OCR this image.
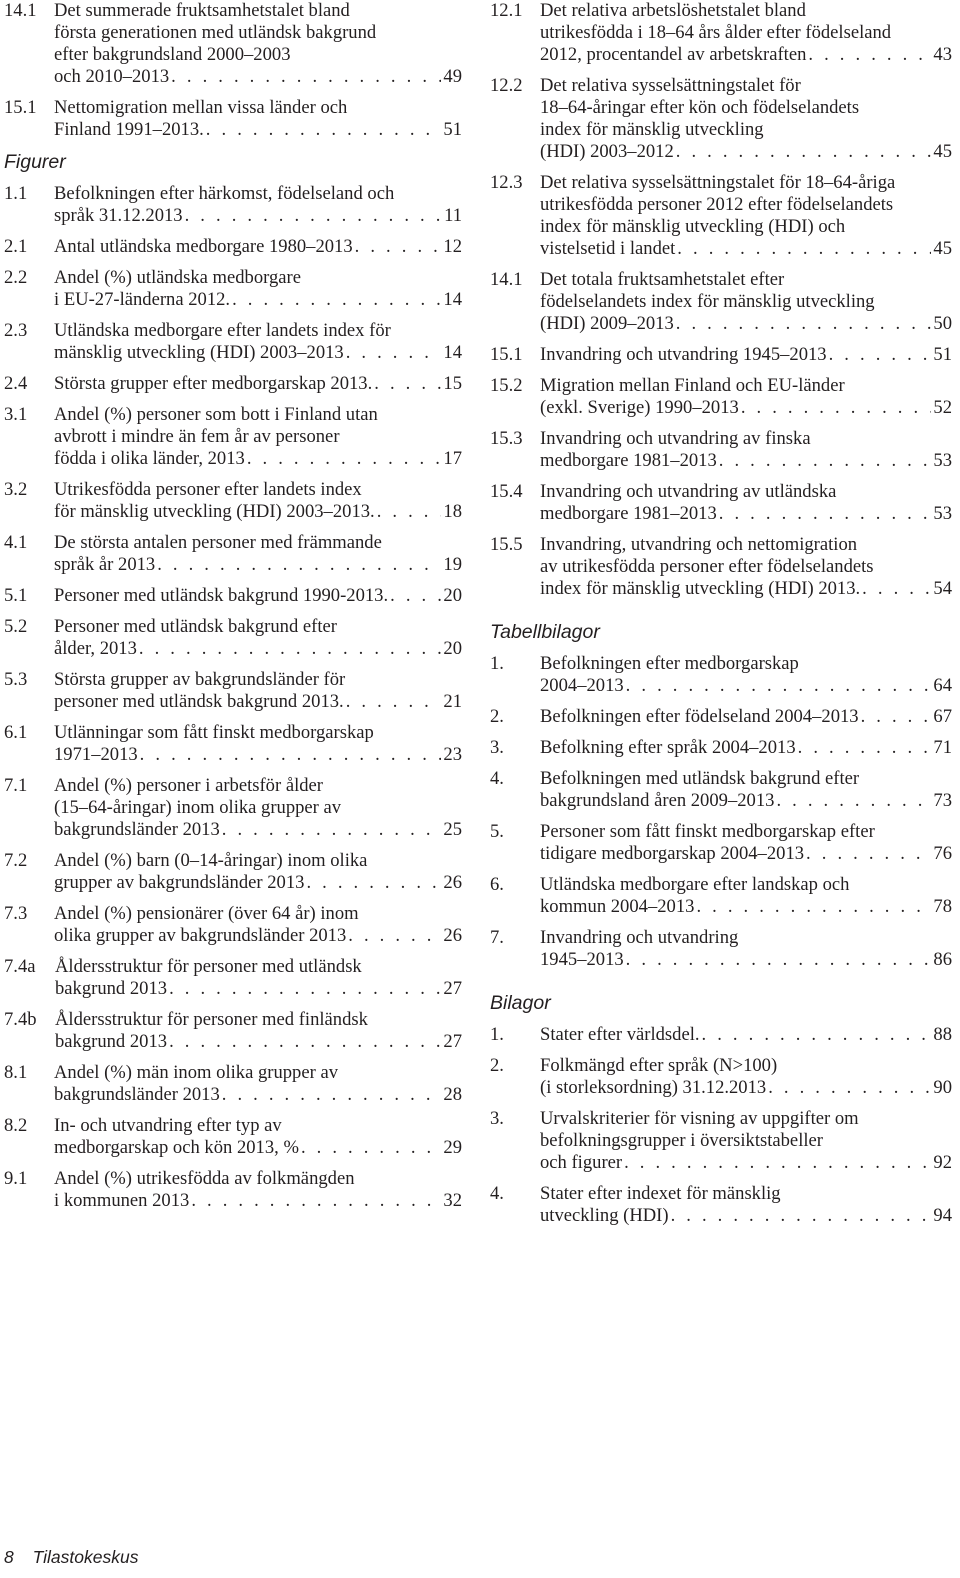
14.1 Det summerade fruktsamhetstalet bland
första generationen med utländsk bakgrund
efter bakgrundsland 2000–2003
och 2010–2013 . . .	49
15.1 Nettomigration mellan vissa länder och
Finland 1991–2013. . . .	51
Figurer
1.1	Befolkningen efter härkomst, födelseland och
språk 31.12.2013 . . .	11
2.1	Antal utländska medborgare 1980–2013 . . .	12
2.2	Andel (%) utländska medborgare
i EU-27-länderna 2012. . . .	14
2.3	Utländska medborgare efter landets index för
mänsklig utveckling (HDI) 2003–2013 . . .	14
2.4	Största grupper efter medborgarskap 2013. . . .	15
3.1	Andel (%) personer som bott i Finland utan
avbrott i mindre än fem år av personer
födda i olika länder, 2013 . . .	17
3.2	Utrikesfödda personer efter landets index
för mänsklig utveckling (HDI) 2003–2013. . . .	18
4.1	De största antalen personer med främmande
språk år 2013 . . .	19
5.1	Personer med utländsk bakgrund 1990-2013. . . .	20
5.2	Personer med utländsk bakgrund efter
ålder, 2013 . . .	20
5.3	Största grupper av bakgrundsländer för
personer med utländsk bakgrund 2013. . . .	21
6.1	Utlänningar som fått finskt medborgarskap
1971–2013 . . .	23
7.1	Andel (%) personer i arbetsför ålder
(15–64-åringar) inom olika grupper av
bakgrundsländer 2013 . . .	25
7.2	Andel (%) barn (0–14-åringar) inom olika
grupper av bakgrundsländer 2013 . . .	26
7.3	Andel (%) pensionärer (över 64 år) inom
olika grupper av bakgrundsländer 2013 . . .	26
7.4a	Åldersstruktur för personer med utländsk
bakgrund 2013 . . .	27
7.4b Åldersstruktur för personer med finländsk
bakgrund 2013 . . .	27
8.1	Andel (%) män inom olika grupper av
bakgrundsländer 2013 . . .	28
8.2	In- och utvandring efter typ av
medborgarskap och kön 2013, % . . .	29
9.1	Andel (%) utrikesfödda av folkmängden
i kommunen 2013 . . .	32
12.1 Det relativa arbetslöshetstalet bland
utrikesfödda i 18–64 års ålder efter födelseland
2012, procentandel av arbetskraften . . .	43
12.2 Det relativa sysselsättningstalet för
18–64-åringar efter kön och födelselandets
index för mänsklig utveckling
(HDI) 2003–2012 . . .	45
12.3 Det relativa sysselsättningstalet för 18–64-åriga
utrikesfödda personer 2012 efter födelselandets
index för mänsklig utveckling (HDI) och
vistelsetid i landet . . .	45
14.1 Det totala fruktsamhetstalet efter
födelselandets index för mänsklig utveckling
(HDI) 2009–2013 . . .	50
15.1 Invandring och utvandring 1945–2013 . . .	51
15.2 Migration mellan Finland och EU-länder
(exkl. Sverige) 1990–2013 . . .	52
15.3 Invandring och utvandring av finska
medborgare 1981–2013 . . .	53
15.4 Invandring och utvandring av utländska
medborgare 1981–2013 . . .	53
15.5 Invandring, utvandring och nettomigration
av utrikesfödda personer efter födelselandets
index för mänsklig utveckling (HDI) 2013. . . .	54
Tabellbilagor
1.	Befolkningen efter medborgarskap
2004–2013 . . .	64
2.	Befolkningen efter födelseland 2004–2013 . . .	67
3.	Befolkning efter språk 2004–2013 . . .	71
4.	Befolkningen med utländsk bakgrund efter
bakgrundsland åren 2009–2013 . . .	73
5.	Personer som fått finskt medborgarskap efter
tidigare medborgarskap 2004–2013 . . .	76
6.	Utländska medborgare efter landskap och
kommun 2004–2013 . . .	78
7.	Invandring och utvandring
1945–2013 . . .	86
Bilagor
1.	Stater efter världsdel. . . .	88
2.	Folkmängd efter språk (N>100)
(i storleksordning) 31.12.2013 . . .	90
3.	Urvalskriterier för visning av uppgifter om
befolkningsgrupper i översiktstabeller
och figurer . . .	92
4.	Stater efter indexet för mänsklig
utveckling (HDI) . . .	94
8 Tilastokeskus
